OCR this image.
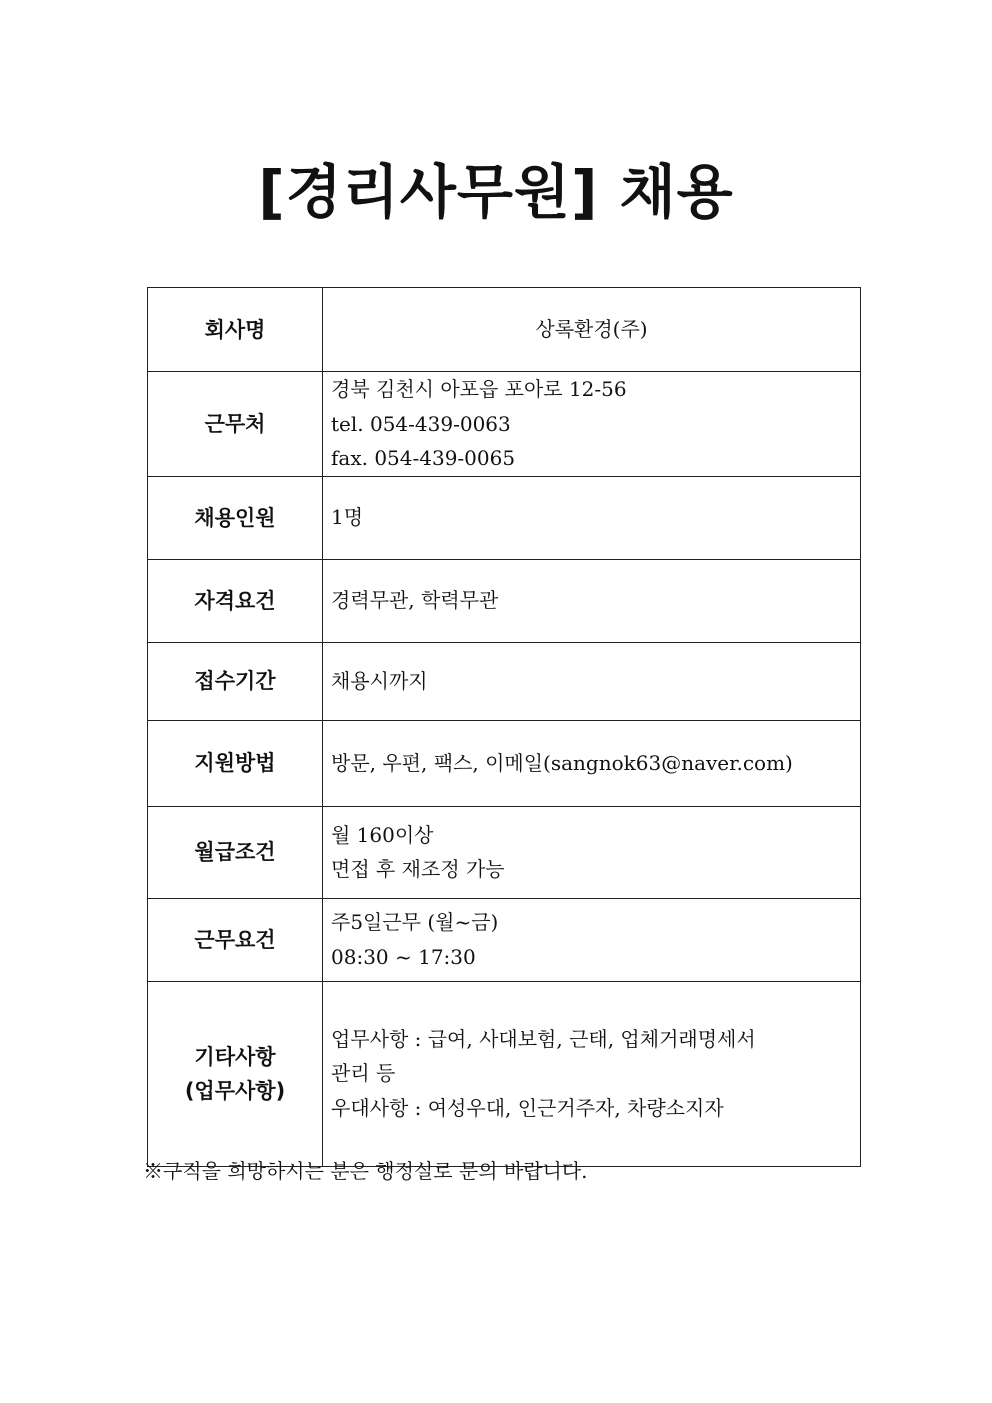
[경리사무원] 채용
회사명	상록환경(주)

근무처	경북 김천시 아포읍 포아로 12-56
tel. 054-439-0063
fax. 054-439-0065

채용인원	1명

자격요건	경력무관, 학력무관

접수기간	채용시까지

지원방법	방문, 우편, 팩스, 이메일(sangnok63@naver.com)

월급조건	월 160이상
면접 후 재조정 가능

근무요건	주5일근무 (월~금)
08:30 ~ 17:30

기타사항
(업무사항)	업무사항 : 급여, 사대보험, 근태, 업체거래명세서
관리 등
우대사항 : 여성우대, 인근거주자, 차량소지자
※구직을 희망하시는 분은 행정실로 문의 바랍니다.
